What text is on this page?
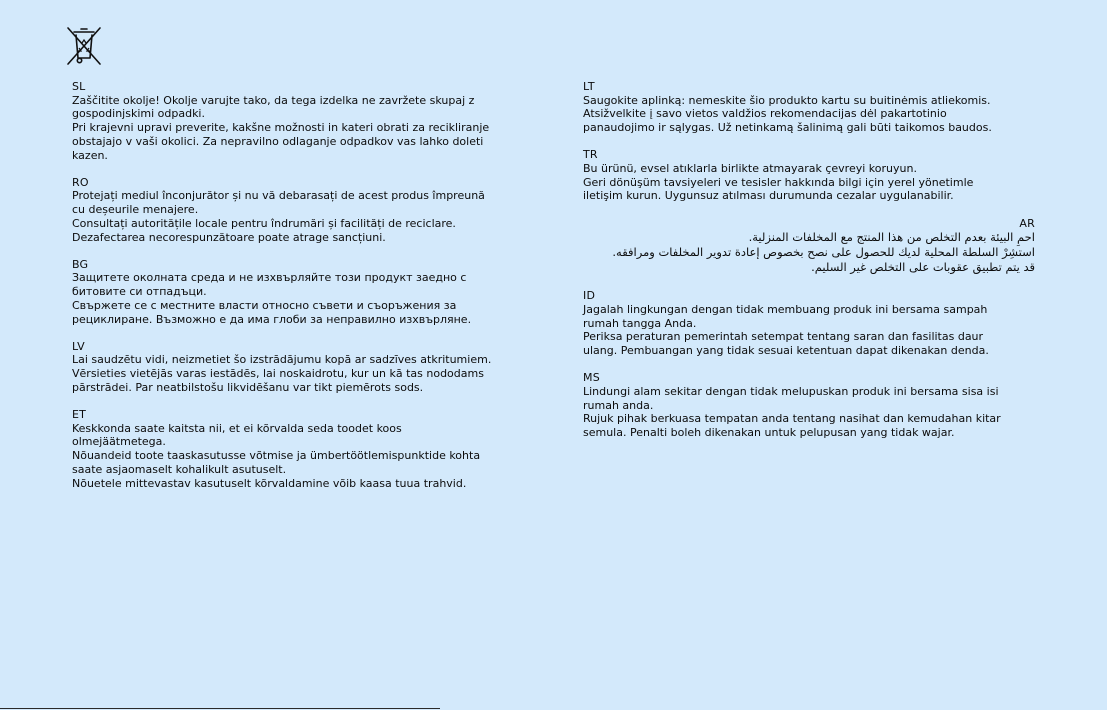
SL
Zaščitite okolje! Okolje varujte tako, da tega izdelka ne zavržete skupaj z
gospodinjskimi odpadki.
Pri krajevni upravi preverite, kakšne možnosti in kateri obrati za recikliranje
obstajajo v vaši okolici. Za nepravilno odlaganje odpadkov vas lahko doleti
kazen.
RO
Protejați mediul înconjurător și nu vă debarasați de acest produs împreună
cu deșeurile menajere.
Consultați autoritățile locale pentru îndrumări și facilități de reciclare.
Dezafectarea necorespunzătoare poate atrage sancțiuni.
BG
Защитете околната среда и не изхвърляйте този продукт заедно с
битовите си отпадъци.
Свържете се с местните власти относно съвети и съоръжения за
рециклиране. Възможно е да има глоби за неправилно изхвърляне.
LV
Lai saudzētu vidi, neizmetiet šo izstrādājumu kopā ar sadzīves atkritumiem.
Vērsieties vietējās varas iestādēs, lai noskaidrotu, kur un kā tas nododams
pārstrādei. Par neatbilstošu likvidēšanu var tikt piemērots sods.
ET
Keskkonda saate kaitsta nii, et ei kõrvalda seda toodet koos
olmejäätmetega.
Nõuandeid toote taaskasutusse võtmise ja ümbertöötlemispunktide kohta
saate asjaomaselt kohalikult asutuselt.
Nõuetele mittevastav kasutuselt kõrvaldamine võib kaasa tuua trahvid.
LT
Saugokite aplinką: nemeskite šio produkto kartu su buitinėmis atliekomis.
Atsižvelkite į savo vietos valdžios rekomendacijas dėl pakartotinio
panaudojimo ir sąlygas. Už netinkamą šalinimą gali būti taikomos baudos.
TR
Bu ürünü, evsel atıklarla birlikte atmayarak çevreyi koruyun.
Geri dönüşüm tavsiyeleri ve tesisler hakkında bilgi için yerel yönetimle
iletişim kurun. Uygunsuz atılması durumunda cezalar uygulanabilir.
AR
احمِ البيئة بعدم التخلص من هذا المنتج مع المخلفات المنزلية.
استشِرْ السلطة المحلية لديك للحصول على نصح بخصوص إعادة تدوير المخلفات ومرافقه.
قد يتم تطبيق عقوبات على التخلص غير السليم.
ID
Jagalah lingkungan dengan tidak membuang produk ini bersama sampah
rumah tangga Anda.
Periksa peraturan pemerintah setempat tentang saran dan fasilitas daur
ulang. Pembuangan yang tidak sesuai ketentuan dapat dikenakan denda.
MS
Lindungi alam sekitar dengan tidak melupuskan produk ini bersama sisa isi
rumah anda.
Rujuk pihak berkuasa tempatan anda tentang nasihat dan kemudahan kitar
semula. Penalti boleh dikenakan untuk pelupusan yang tidak wajar.
